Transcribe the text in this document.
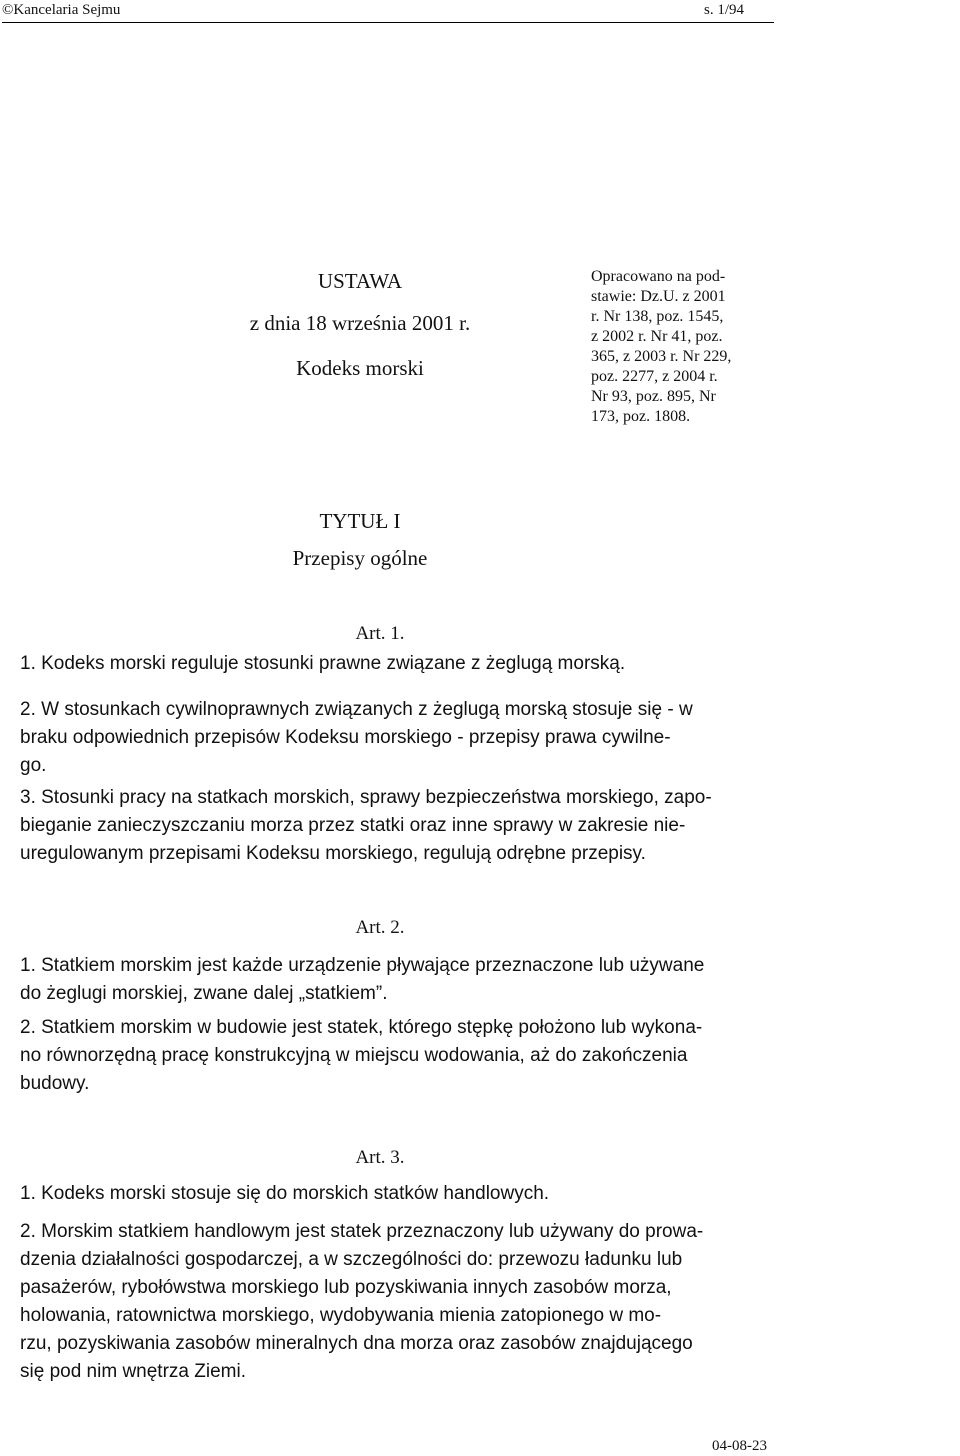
©Kancelaria Sejmu	s. 1/94
USTAWA
z dnia 18 września 2001 r.
Kodeks morski
Opracowano na pod-
stawie: Dz.U. z 2001
r. Nr 138, poz. 1545,
z 2002 r. Nr 41, poz.
365, z 2003 r. Nr 229,
poz. 2277, z 2004 r.
Nr 93, poz. 895, Nr
173, poz. 1808.
TYTUŁ I
Przepisy ogólne
Art. 1.
1. Kodeks morski reguluje stosunki prawne związane z żeglugą morską.
2. W stosunkach cywilnoprawnych związanych z żeglugą morską stosuje się - w
braku odpowiednich przepisów Kodeksu morskiego - przepisy prawa cywilne-
go.
3. Stosunki pracy na statkach morskich, sprawy bezpieczeństwa morskiego, zapo-
bieganie zanieczyszczaniu morza przez statki oraz inne sprawy w zakresie nie-
uregulowanym przepisami Kodeksu morskiego, regulują odrębne przepisy.
Art. 2.
1. Statkiem morskim jest każde urządzenie pływające przeznaczone lub używane
do żeglugi morskiej, zwane dalej „statkiem”.
2. Statkiem morskim w budowie jest statek, którego stępkę położono lub wykona-
no równorzędną pracę konstrukcyjną w miejscu wodowania, aż do zakończenia
budowy.
Art. 3.
1. Kodeks morski stosuje się do morskich statków handlowych.
2. Morskim statkiem handlowym jest statek przeznaczony lub używany do prowa-
dzenia działalności gospodarczej, a w szczególności do: przewozu ładunku lub
pasażerów, rybołówstwa morskiego lub pozyskiwania innych zasobów morza,
holowania, ratownictwa morskiego, wydobywania mienia zatopionego w mo-
rzu, pozyskiwania zasobów mineralnych dna morza oraz zasobów znajdującego
się pod nim wnętrza Ziemi.
04-08-23
